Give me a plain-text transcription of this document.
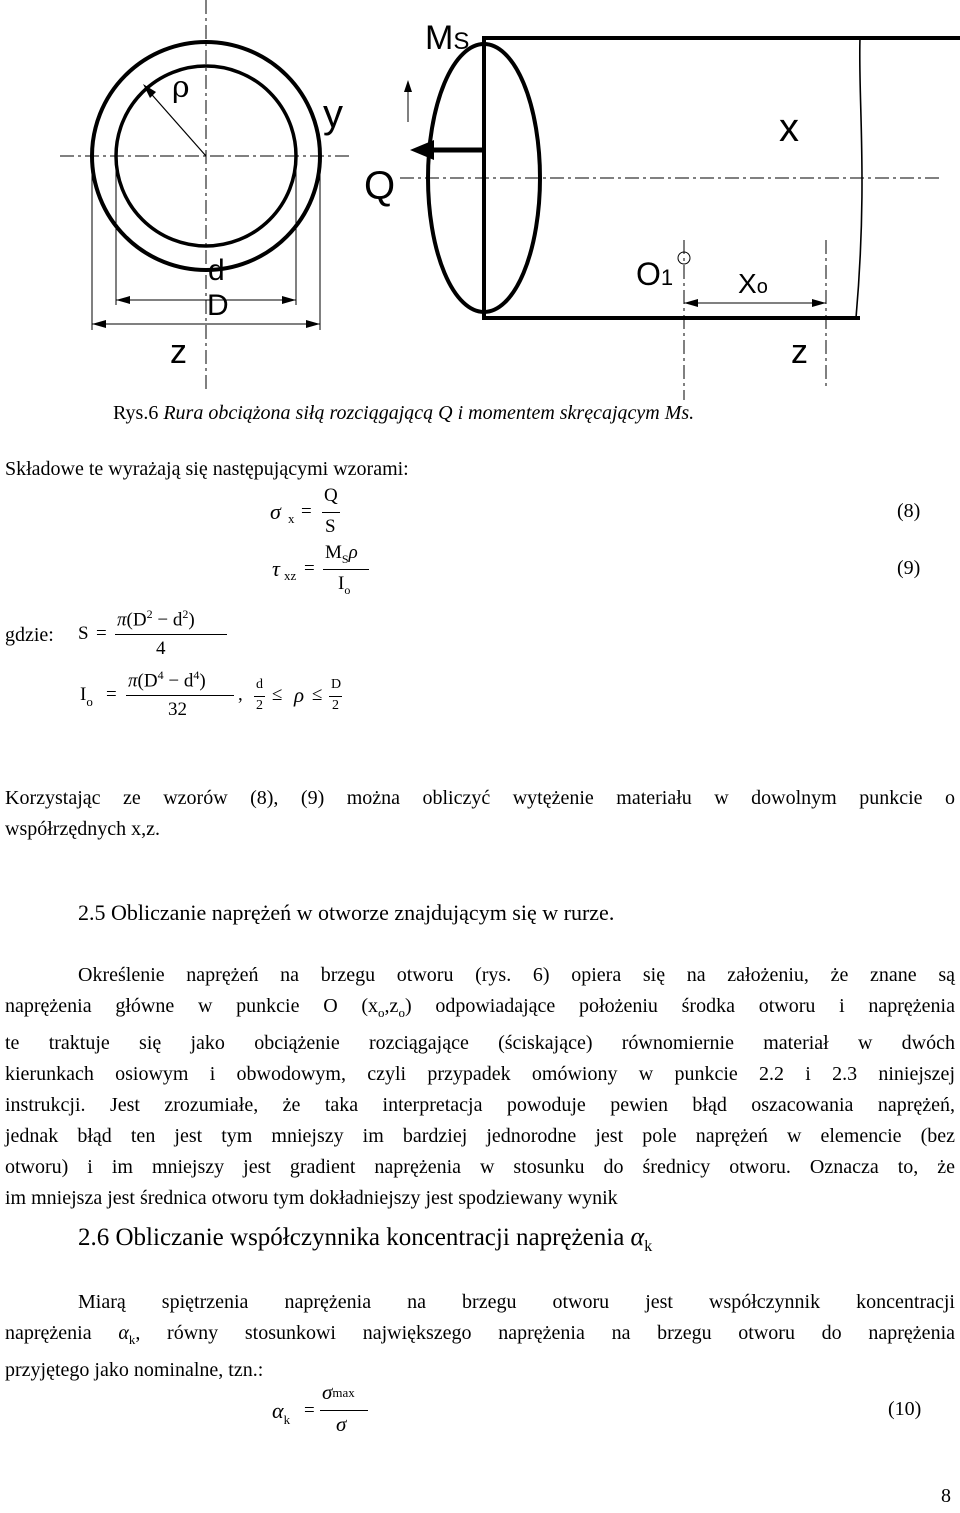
ρ
d
D
z
y
Q
MS
x
O1 Xo
z
Rys.6 Rura obciążona siłą rozciągającą Q i momentem skręcającym Ms.
Składowe te wyrażają się następującymi wzorami:
σ x =
Q
S
(8)
τ xz =
$M_S\rho$
$I_o$
(9)
gdzie: S =
$\pi(D^2 - d^2)$
4
$I_o$ =
$\pi(D^4 - d^4)$
32
, d
2
≤ ρ ≤ D
2
Korzystając ze wzorów (8), (9) można obliczyć wytężenie materiału w dowolnym punkcie o
współrzędnych x,z.
2.5 Obliczanie naprężeń w otworze znajdującym się w rurze.
Określenie naprężeń na brzegu otworu (rys. 6) opiera się na założeniu, że znane są
naprężenia główne w punkcie O $(x_o,z_o)$ odpowiadające położeniu środka otworu i naprężenia
te traktuje się jako obciążenie rozciągające (ściskające) równomiernie materiał w dwóch
kierunkach osiowym i obwodowym, czyli przypadek omówiony w punkcie 2.2 i 2.3 niniejszej
instrukcji. Jest zrozumiałe, że taka interpretacja powoduje pewien błąd oszacowania naprężeń,
jednak błąd ten jest tym mniejszy im bardziej jednorodne jest pole naprężeń w elemencie (bez
otworu) i im mniejszy jest gradient naprężenia w stosunku do średnicy otworu. Oznacza to, że
im mniejsza jest średnica otworu tym dokładniejszy jest spodziewany wynik
2.6 Obliczanie współczynnika koncentracji naprężenia $\alpha_k$
Miarą spiętrzenia naprężenia na brzegu otworu jest współczynnik koncentracji
naprężenia $\alpha_k$, równy stosunkowi największego naprężenia na brzegu otworu do naprężenia
przyjętego jako nominalne, tzn.:
$\alpha_k$ =
σmax
σ
(10)
8
